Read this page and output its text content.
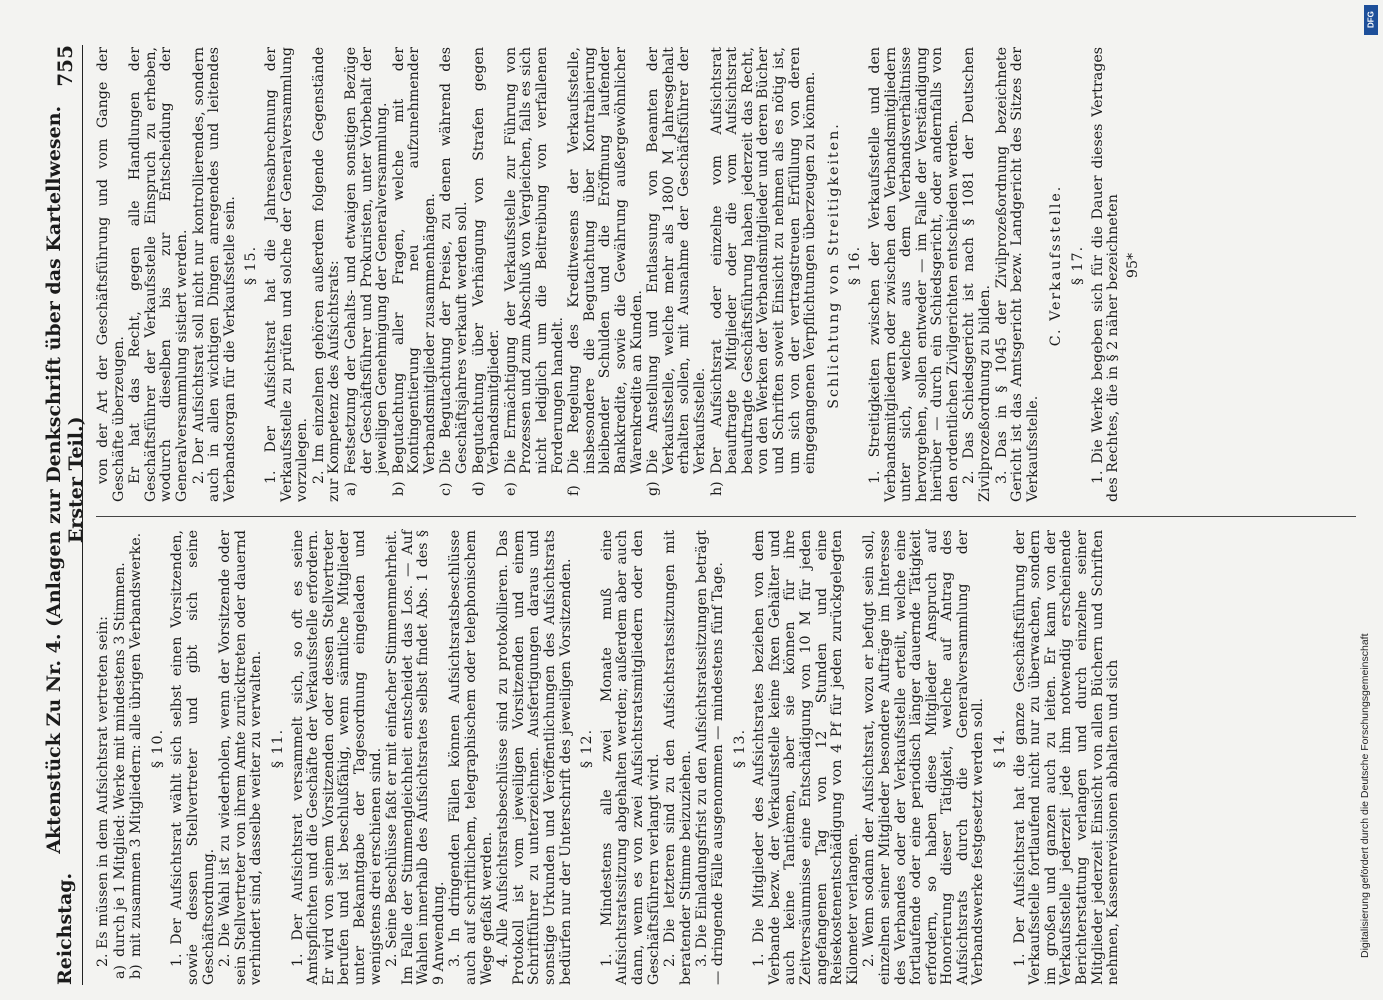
Reichstag.
Aktenstück Zu Nr. 4. (Anlagen zur Denkschrift über das Kartellwesen. Erster Teil.)
755

2. Es müssen in dem Aufsichtsrat vertreten sein:

a)
durch je 1 Mitglied: Werke mit mindestens 3 Stimmen.

b)
mit zusammen 3 Mitgliedern: alle übrigen Verbandswerke. § 10. 1. Der Aufsichtsrat wählt sich selbst einen Vorsitzenden, sowie dessen Stellvertreter und gibt sich seine Geschäftsordnung. 2. Die Wahl ist zu wiederholen, wenn der Vorsitzende oder sein Stellvertreter von ihrem Amte zurücktreten oder dauernd verhindert sind, dasselbe weiter zu verwalten. § 11. 1. Der Aufsichtsrat versammelt sich, so oft es seine Amtspflichten und die Geschäfte der Verkaufsstelle erfordern. Er wird von seinem Vorsitzenden oder dessen Stellvertreter berufen und ist beschlußfähig, wenn sämtliche Mitglieder unter Bekanntgabe der Tagesordnung eingeladen und wenigstens drei erschienen sind. 2. Seine Beschlüsse faßt er mit einfacher Stimmenmehrheit. Im Falle der Stimmengleichheit entscheidet das Los. — Auf Wahlen innerhalb des Aufsichtsrates selbst findet Abs. 1 des § 9 Anwendung. 3. In dringenden Fällen können Aufsichtsratsbeschlüsse auch auf schriftlichem, telegraphischem oder telephonischem Wege gefaßt werden. 4. Alle Aufsichtsratsbeschlüsse sind zu protokollieren. Das Protokoll ist vom jeweiligen Vorsitzenden und einem Schriftführer zu unterzeichnen. Ausfertigungen daraus und sonstige Urkunden und Veröffentlichungen des Aufsichtsrats bedürfen nur der Unterschrift des jeweiligen Vorsitzenden. § 12. 1. Mindestens alle zwei Monate muß eine Aufsichtsratssitzung abgehalten werden; außerdem aber auch dann, wenn es von zwei Aufsichtsratsmitgliedern oder den Geschäftsführern verlangt wird. 2. Die letzteren sind zu den Aufsichtsratssitzungen mit beratender Stimme beizuziehen. 3. Die Einladungsfrist zu den Aufsichtsratssitzungen beträgt — dringende Fälle ausgenommen — mindestens fünf Tage. § 13. 1. Die Mitglieder des Aufsichtsrates beziehen von dem Verbande bezw. der Verkaufsstelle keine fixen Gehälter und auch keine Tantièmen, aber sie können für ihre Zeitversäumnisse eine Entschädigung von 10 M für jeden angefangenen Tag von 12 Stunden und eine Reisekostenentschädigung von 4 Pf für jeden zurückgelegten Kilometer verlangen. 2. Wenn sodann der Aufsichtsrat, wozu er befugt sein soll, einzelnen seiner Mitglieder besondere Aufträge im Interesse des Verbandes oder der Verkaufsstelle erteilt, welche eine fortlaufende oder eine periodisch länger dauernde Tätigkeit erfordern, so haben diese Mitglieder Anspruch auf Honorierung dieser Tätigkeit, welche auf Antrag des Aufsichtsrats durch die Generalversammlung der Verbandswerke festgesetzt werden soll. § 14. 1. Der Aufsichtsrat hat die ganze Geschäftsführung der Verkaufsstelle fortlaufend nicht nur zu überwachen, sondern im großen und ganzen auch zu leiten. Er kann von der Verkaufsstelle jederzeit jede ihm notwendig erscheinende Berichterstattung verlangen und durch einzelne seiner Mitglieder jederzeit Einsicht von allen Büchern und Schriften nehmen, Kassenrevisionen abhalten und sich

von der Art der Geschäftsführung und vom Gange der Geschäfte überzeugen. Er hat das Recht, gegen alle Handlungen der Geschäftsführer der Verkaufsstelle Einspruch zu erheben, wodurch dieselben bis zur Entscheidung der Generalversammlung sistiert werden. 2. Der Aufsichtsrat soll nicht nur kontrollierendes, sondern auch in allen wichtigen Dingen anregendes und leitendes Verbandsorgan für die Verkaufsstelle sein. § 15. 1. Der Aufsichtsrat hat die Jahresabrechnung der Verkaufsstelle zu prüfen und solche der Generalversammlung vorzulegen. 2. Im einzelnen gehören außerdem folgende Gegenstände zur Kompetenz des Aufsichtsrats: a)
Festsetzung der Gehalts- und etwaigen sonstigen Bezüge der Geschäftsführer und Prokuristen, unter Vorbehalt der jeweiligen Genehmigung der Generalversammlung.

b)
Begutachtung aller Fragen, welche mit der Kontingentierung neu aufzunehmender Verbandsmitglieder zusammenhängen.

c)
Die Begutachtung der Preise, zu denen während des Geschäftsjahres verkauft werden soll.

d)
Begutachtung über Verhängung von Strafen gegen Verbandsmitglieder.

e)
Die Ermächtigung der Verkaufsstelle zur Führung von Prozessen und zum Abschluß von Vergleichen, falls es sich nicht lediglich um die Beitreibung von verfallenen Forderungen handelt.

f)
Die Regelung des Kreditwesens der Verkaufsstelle, insbesondere die Begutachtung über Kontrahierung bleibender Schulden und die Eröffnung laufender Bankkredite, sowie die Gewährung außergewöhnlicher Warenkredite an Kunden.

g)
Die Anstellung und Entlassung von Beamten der Verkaufsstelle, welche mehr als 1800 M Jahresgehalt erhalten sollen, mit Ausnahme der Geschäftsführer der Verkaufsstelle.

h)
Der Aufsichtsrat oder einzelne vom Aufsichtsrat beauftragte Mitglieder oder die vom Aufsichtsrat beauftragte Geschäftsführung haben jederzeit das Recht, von den Werken der Verbandsmitglieder und deren Bücher und Schriften soweit Einsicht zu nehmen als es nötig ist, um sich von der vertragstreuen Erfüllung von deren eingegangenen Verpflichtungen überzeugen zu können. Schlichtung von Streitigkeiten. § 16. 1. Streitigkeiten zwischen der Verkaufsstelle und den Verbandsmitgliedern oder zwischen den Verbandsmitgliedern unter sich, welche aus dem Verbandsverhältnisse hervorgehen, sollen entweder — im Falle der Verständigung hierüber — durch ein Schiedsgericht, oder andernfalls von den ordentlichen Zivilgerichten entschieden werden. 2. Das Schiedsgericht ist nach § 1081 der Deutschen Zivilprozeßordnung zu bilden. 3. Das in § 1045 der Zivilprozeßordnung bezeichnete Gericht ist das Amtsgericht bezw. Landgericht des Sitzes der Verkaufsstelle.

C. Verkaufsstelle. § 17. 1. Die Werke begeben sich für die Dauer dieses Vertrages des Rechtes, die in § 2 näher bezeichneten 95*

DFG
Digitalisierung gefördert durch die Deutsche Forschungsgemeinschaft
